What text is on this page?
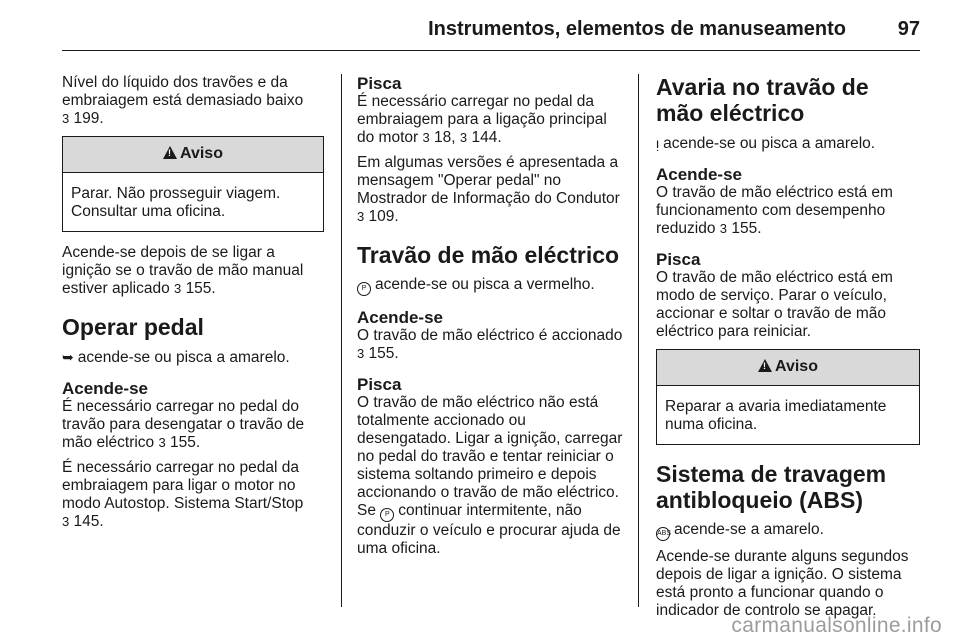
Instrumentos, elementos de manuseamento	97

Nível do líquido dos travões e da embraiagem está demasiado baixo
3 199.

!Aviso
Parar. Não prosseguir viagem. Consultar uma oficina.

Acende-se depois de se ligar a ignição se o travão de mão manual estiver aplicado 3 155.

Operar pedal

➥ acende-se ou pisca a amarelo.

Acende-se

É necessário carregar no pedal do travão para desengatar o travão de mão eléctrico 3 155.

É necessário carregar no pedal da embraiagem para ligar o motor no modo Autostop. Sistema Start/Stop
3 145.

Pisca

É necessário carregar no pedal da embraiagem para a ligação principal do motor 3 18, 3 144.

Em algumas versões é apresentada a mensagem "Operar pedal" no Mostrador de Informação do Condutor 3 109.

Travão de mão eléctrico

P acende-se ou pisca a vermelho.

Acende-se

O travão de mão eléctrico é accionado
3 155.

Pisca

O travão de mão eléctrico não está totalmente accionado ou desengatado. Ligar a ignição, carregar no pedal do travão e tentar reiniciar o sistema soltando primeiro e depois accionando o travão de mão eléctrico. Se P continuar intermitente, não conduzir o veículo e procurar ajuda de uma oficina.

Avaria no travão de mão eléctrico

ᴉ acende-se ou pisca a amarelo.

Acende-se

O travão de mão eléctrico está em funcionamento com desempenho reduzido 3 155.

Pisca

O travão de mão eléctrico está em modo de serviço. Parar o veículo, accionar e soltar o travão de mão eléctrico para reiniciar.

!Aviso
Reparar a avaria imediatamente numa oficina.
Sistema de travagem antibloqueio (ABS)

ABS acende-se a amarelo.

Acende-se durante alguns segundos depois de ligar a ignição. O sistema está pronto a funcionar quando o indicador de controlo se apagar.

carmanualsonline.info
